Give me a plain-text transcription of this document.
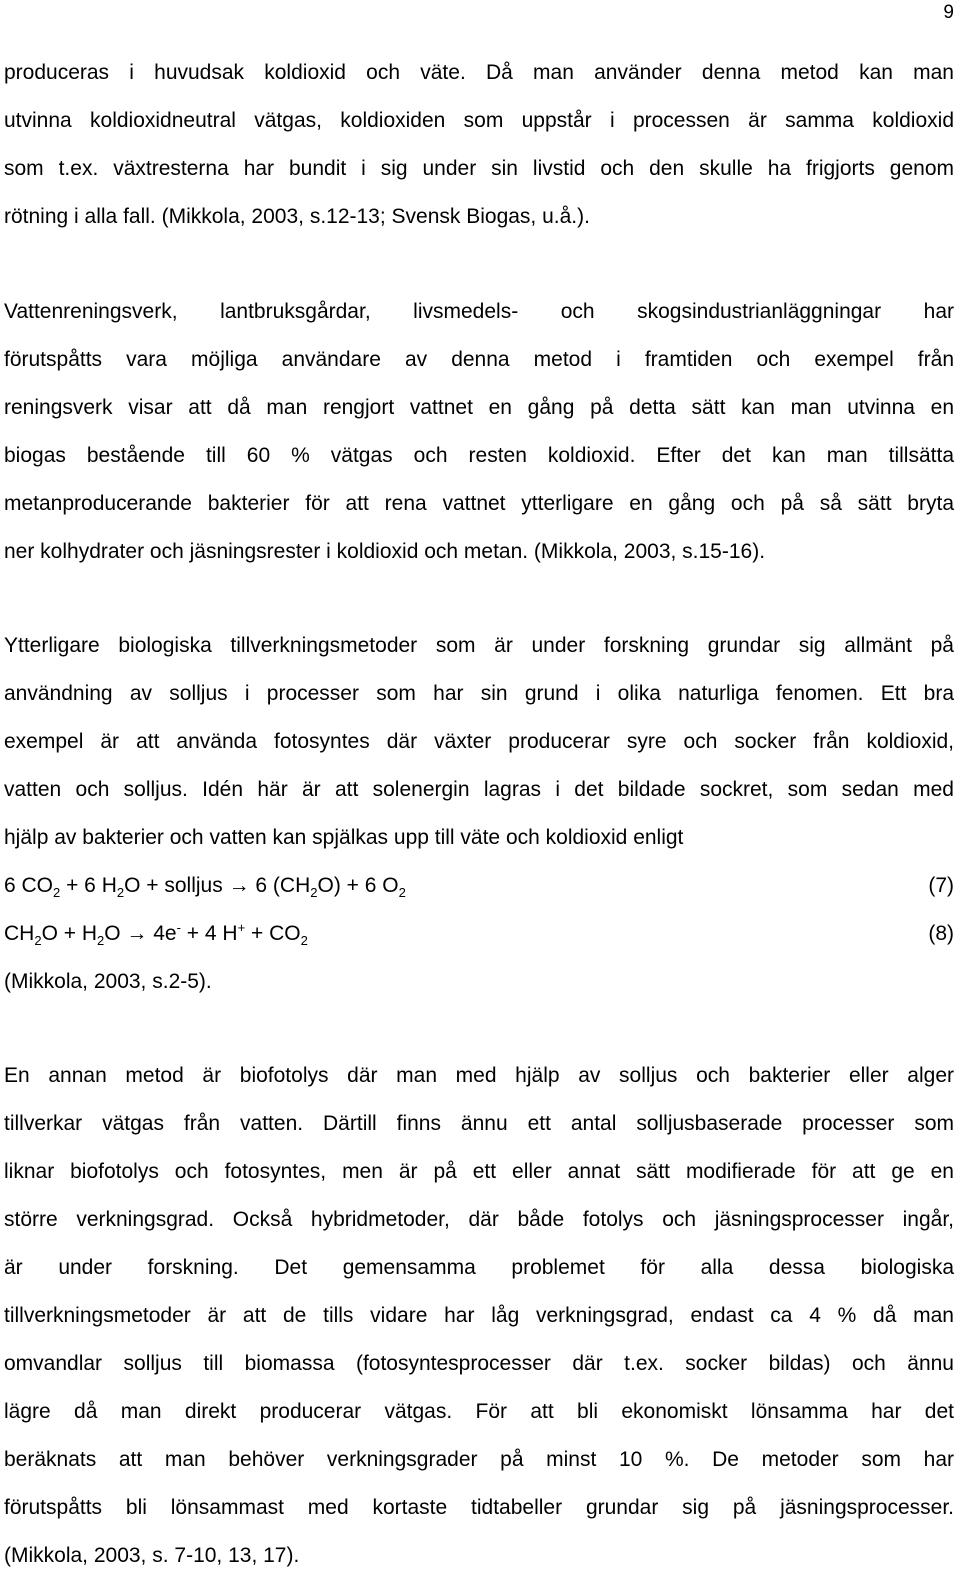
9
produceras i huvudsak koldioxid och väte. Då man använder denna metod kan man
utvinna koldioxidneutral vätgas, koldioxiden som uppstår i processen är samma koldioxid
som t.ex. växtresterna har bundit i sig under sin livstid och den skulle ha frigjorts genom
rötning i alla fall. (Mikkola, 2003, s.12-13; Svensk Biogas, u.å.).
Vattenreningsverk, lantbruksgårdar, livsmedels- och skogsindustrianläggningar har
förutspåtts vara möjliga användare av denna metod i framtiden och exempel från
reningsverk visar att då man rengjort vattnet en gång på detta sätt kan man utvinna en
biogas bestående till 60 % vätgas och resten koldioxid. Efter det kan man tillsätta
metanproducerande bakterier för att rena vattnet ytterligare en gång och på så sätt bryta
ner kolhydrater och jäsningsrester i koldioxid och metan. (Mikkola, 2003, s.15-16).
Ytterligare biologiska tillverkningsmetoder som är under forskning grundar sig allmänt på
användning av solljus i processer som har sin grund i olika naturliga fenomen. Ett bra
exempel är att använda fotosyntes där växter producerar syre och socker från koldioxid,
vatten och solljus. Idén här är att solenergin lagras i det bildade sockret, som sedan med
hjälp av bakterier och vatten kan spjälkas upp till väte och koldioxid enligt
6 $CO_2 + 6$ $H_2O$ + solljus → 6 $(CH_2O) + 6$ $O_2$	(7)
$CH_2O + H_2O \to 4e^- + 4$ $H^+ + CO_2$	(8)
(Mikkola, 2003, s.2-5).
En annan metod är biofotolys där man med hjälp av solljus och bakterier eller alger
tillverkar vätgas från vatten. Därtill finns ännu ett antal solljusbaserade processer som
liknar biofotolys och fotosyntes, men är på ett eller annat sätt modifierade för att ge en
större verkningsgrad. Också hybridmetoder, där både fotolys och jäsningsprocesser ingår,
är under forskning. Det gemensamma problemet för alla dessa biologiska
tillverkningsmetoder är att de tills vidare har låg verkningsgrad, endast ca 4 % då man
omvandlar solljus till biomassa (fotosyntesprocesser där t.ex. socker bildas) och ännu
lägre då man direkt producerar vätgas. För att bli ekonomiskt lönsamma har det
beräknats att man behöver verkningsgrader på minst 10 %. De metoder som har
förutspåtts bli lönsammast med kortaste tidtabeller grundar sig på jäsningsprocesser.
(Mikkola, 2003, s. 7-10, 13, 17).
